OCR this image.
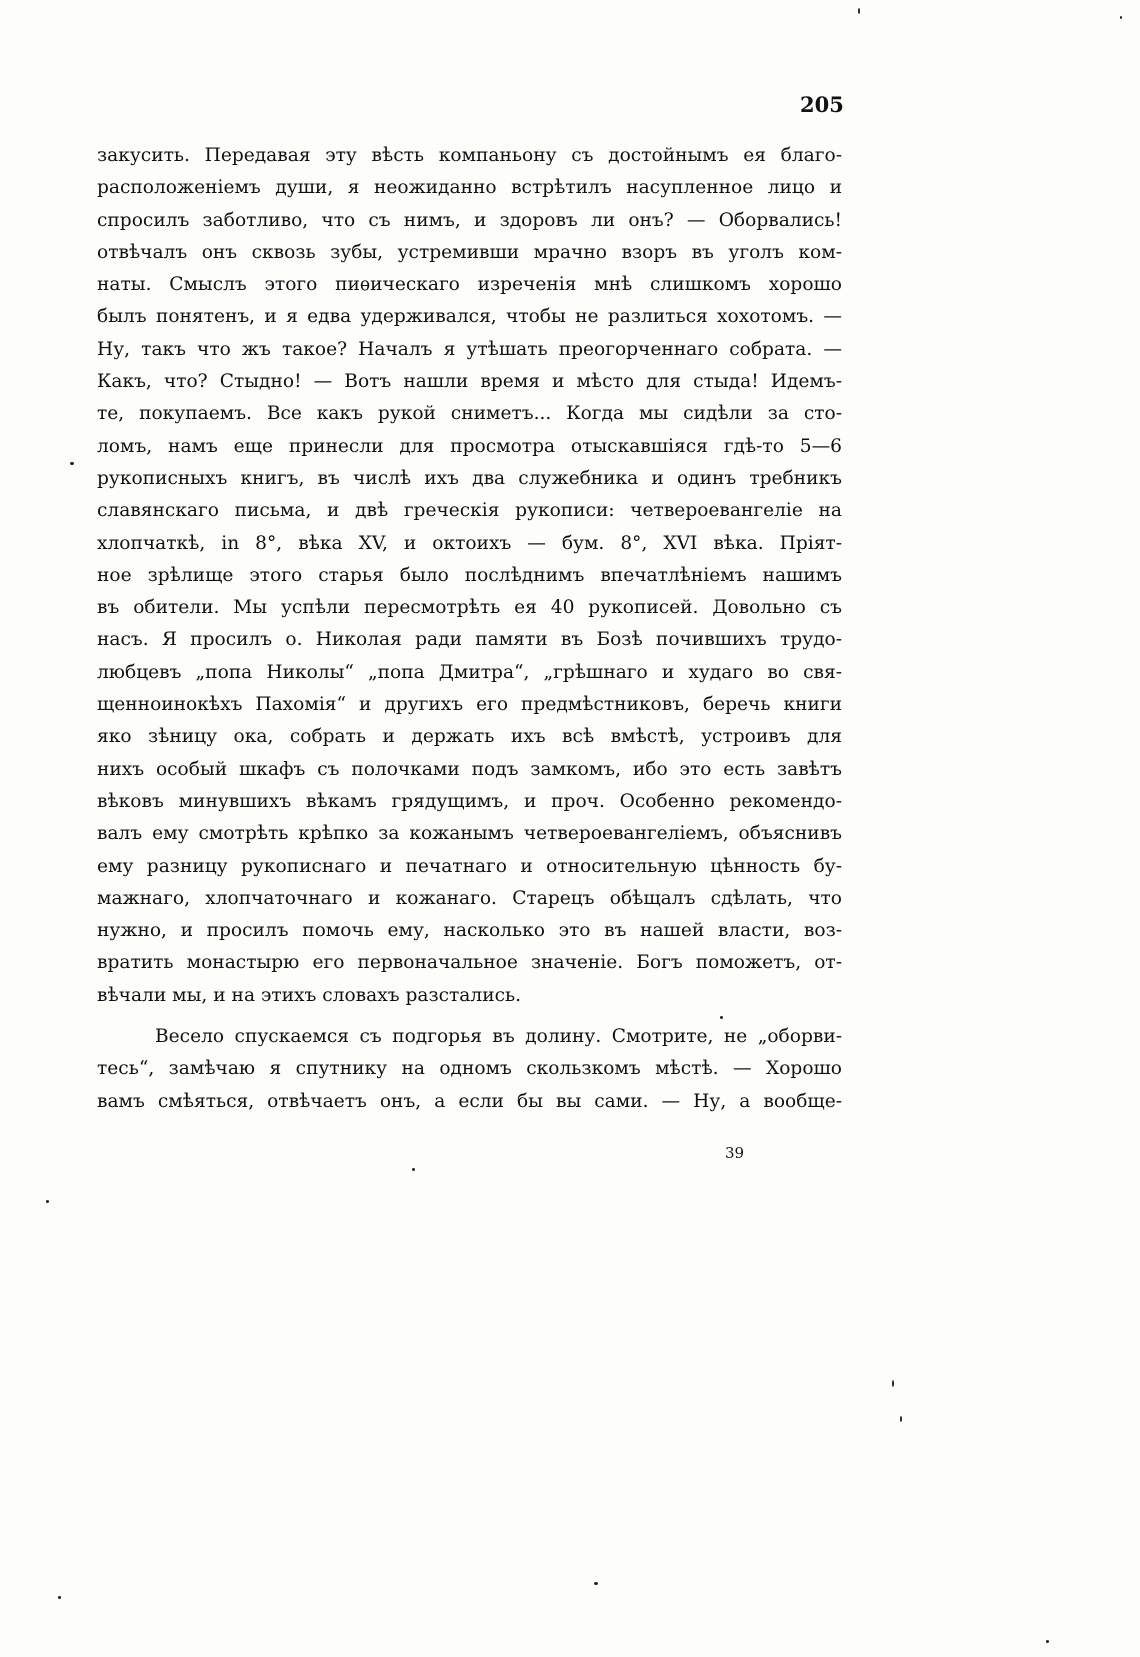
205
закусить. Передавая эту вѣсть компаньону съ достойнымъ ея благо-
расположеніемъ души, я неожиданно встрѣтилъ насупленное лицо и
спросилъ заботливо, что съ нимъ, и здоровъ ли онъ? — Оборвались!
отвѣчалъ онъ сквозь зубы, устремивши мрачно взоръ въ уголъ ком-
наты. Смыслъ этого пиѳическаго изреченія мнѣ слишкомъ хорошо
былъ понятенъ, и я едва удерживался, чтобы не разлиться хохотомъ. —
Ну, такъ что жъ такое? Началъ я утѣшать преогорченнаго собрата. —
Какъ, что? Стыдно! — Вотъ нашли время и мѣсто для стыда! Идемъ-
те, покупаемъ. Все какъ рукой сниметъ... Когда мы сидѣли за сто-
ломъ, намъ еще принесли для просмотра отыскавшіяся гдѣ-то 5—6
рукописныхъ книгъ, въ числѣ ихъ два служебника и одинъ требникъ
славянскаго письма, и двѣ греческія рукописи: четвероевангеліе на
хлопчаткѣ, in 8°, вѣка XV, и октоихъ — бум. 8°, XVI вѣка. Пріят-
ное зрѣлище этого старья было послѣднимъ впечатлѣніемъ нашимъ
въ обители. Мы успѣли пересмотрѣть ея 40 рукописей. Довольно съ
насъ. Я просилъ о. Николая ради памяти въ Бозѣ почившихъ трудо-
любцевъ „попа Николы“ „попа Дмитра“, „грѣшнаго и худаго во свя-
щенноинокѣхъ Пахомія“ и другихъ его предмѣстниковъ, беречь книги
яко зѣницу ока, собрать и держать ихъ всѣ вмѣстѣ, устроивъ для
нихъ особый шкафъ съ полочками подъ замкомъ, ибо это есть завѣтъ
вѣковъ минувшихъ вѣкамъ грядущимъ, и проч. Особенно рекомендо-
валъ ему смотрѣть крѣпко за кожанымъ четвероевангеліемъ, объяснивъ
ему разницу рукописнаго и печатнаго и относительную цѣнность бу-
мажнаго, хлопчаточнаго и кожанаго. Старецъ обѣщалъ сдѣлать, что
нужно, и просилъ помочь ему, насколько это въ нашей власти, воз-
вратить монастырю его первоначальное значеніе. Богъ поможетъ, от-
вѣчали мы, и на этихъ словахъ разстались.
Весело спускаемся съ подгорья въ долину. Смотрите, не „оборви-
тесь“, замѣчаю я спутнику на одномъ скользкомъ мѣстѣ. — Хорошо
вамъ смѣяться, отвѣчаетъ онъ, а если бы вы сами. — Ну, а вообще-
39
